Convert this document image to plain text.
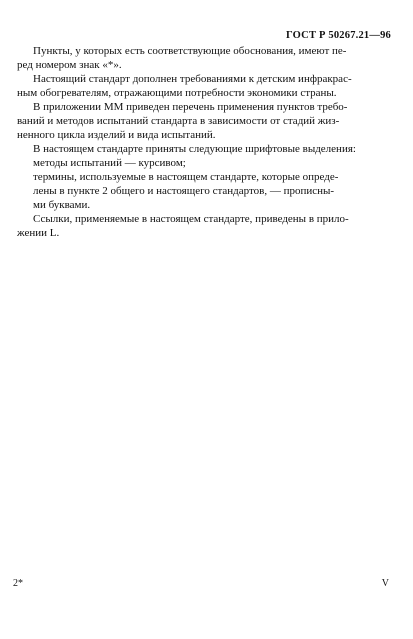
ГОСТ Р 50267.21—96

Пункты, у которых есть соответствующие обоснования, имеют пе-
ред номером знак «*».

Настоящий стандарт дополнен требованиями к детским инфракрас-
ным обогревателям, отражающими потребности экономики страны.

В приложении ММ приведен перечень применения пунктов требо-
ваний и методов испытаний стандарта в зависимости от стадий жиз-
ненного цикла изделий и вида испытаний.

В настоящем стандарте приняты следующие шрифтовые выделения:

методы испытаний — курсивом;
термины, используемые в настоящем стандарте, которые опреде-
лены в пункте 2 общего и настоящего стандартов, — прописны-
ми буквами.

Ссылки, применяемые в настоящем стандарте, приведены в прило-
жении L.

2*	V
